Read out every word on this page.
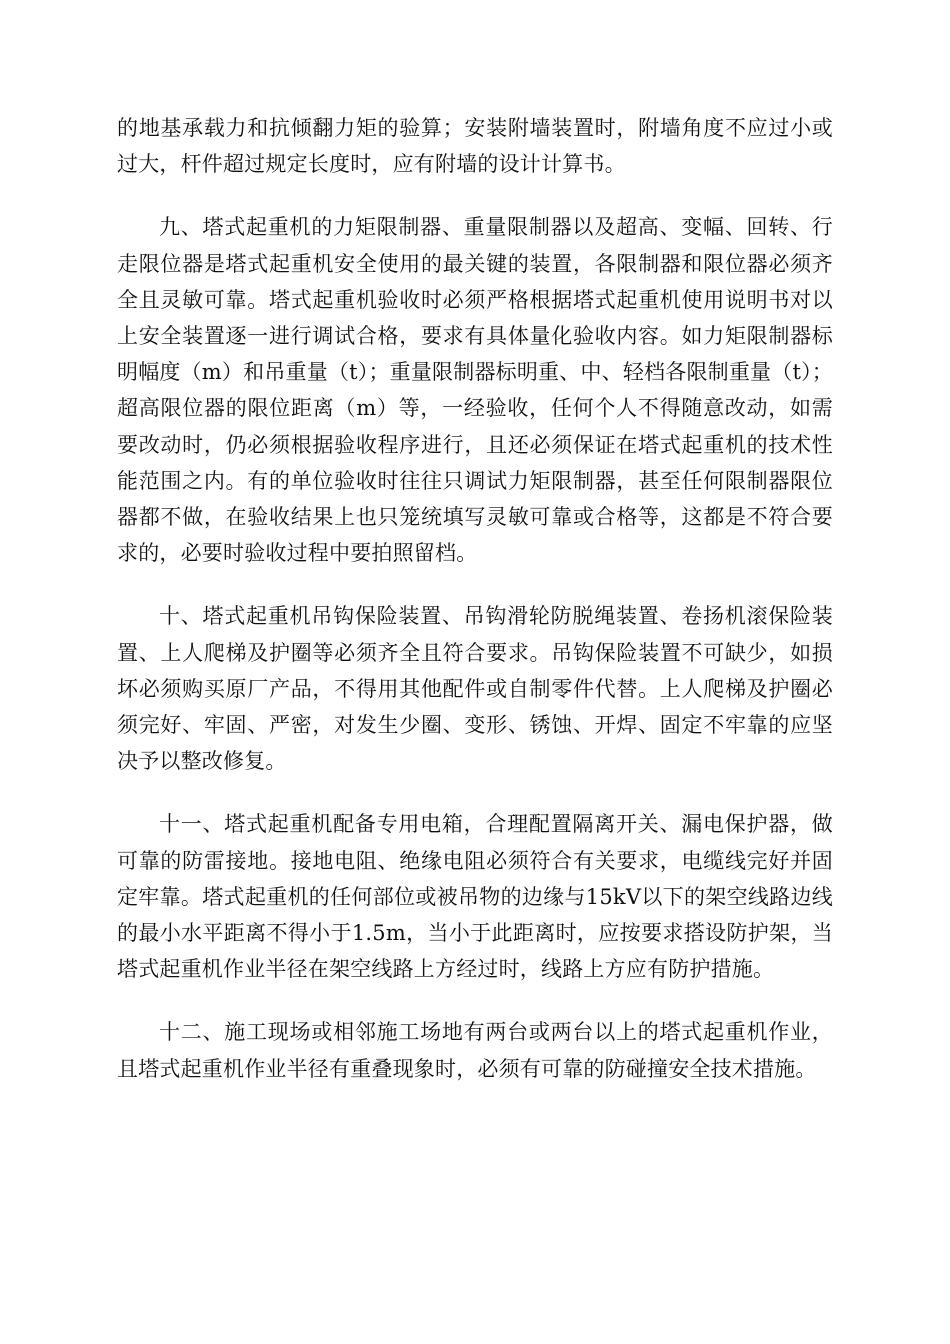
的地基承载力和抗倾翻力矩的验算；安装附墙装置时，附墙角度不应过小或过大，杆件超过规定长度时，应有附墙的设计计算书。

九、塔式起重机的力矩限制器、重量限制器以及超高、变幅、回转、行走限位器是塔式起重机安全使用的最关键的装置，各限制器和限位器必须齐全且灵敏可靠。塔式起重机验收时必须严格根据塔式起重机使用说明书对以上安全装置逐一进行调试合格，要求有具体量化验收内容。如力矩限制器标明幅度（m）和吊重量（t）；重量限制器标明重、中、轻档各限制重量（t）；超高限位器的限位距离（m）等，一经验收，任何个人不得随意改动，如需要改动时，仍必须根据验收程序进行，且还必须保证在塔式起重机的技术性能范围之内。有的单位验收时往往只调试力矩限制器，甚至任何限制器限位器都不做，在验收结果上也只笼统填写灵敏可靠或合格等，这都是不符合要求的，必要时验收过程中要拍照留档。

十、塔式起重机吊钩保险装置、吊钩滑轮防脱绳装置、卷扬机滚保险装置、上人爬梯及护圈等必须齐全且符合要求。吊钩保险装置不可缺少，如损坏必须购买原厂产品，不得用其他配件或自制零件代替。上人爬梯及护圈必须完好、牢固、严密，对发生少圈、变形、锈蚀、开焊、固定不牢靠的应坚决予以整改修复。

十一、塔式起重机配备专用电箱，合理配置隔离开关、漏电保护器，做可靠的防雷接地。接地电阻、绝缘电阻必须符合有关要求，电缆线完好并固定牢靠。塔式起重机的任何部位或被吊物的边缘与15kV以下的架空线路边线的最小水平距离不得小于1.5m，当小于此距离时，应按要求搭设防护架，当塔式起重机作业半径在架空线路上方经过时，线路上方应有防护措施。

十二、施工现场或相邻施工场地有两台或两台以上的塔式起重机作业，且塔式起重机作业半径有重叠现象时，必须有可靠的防碰撞安全技术措施。
